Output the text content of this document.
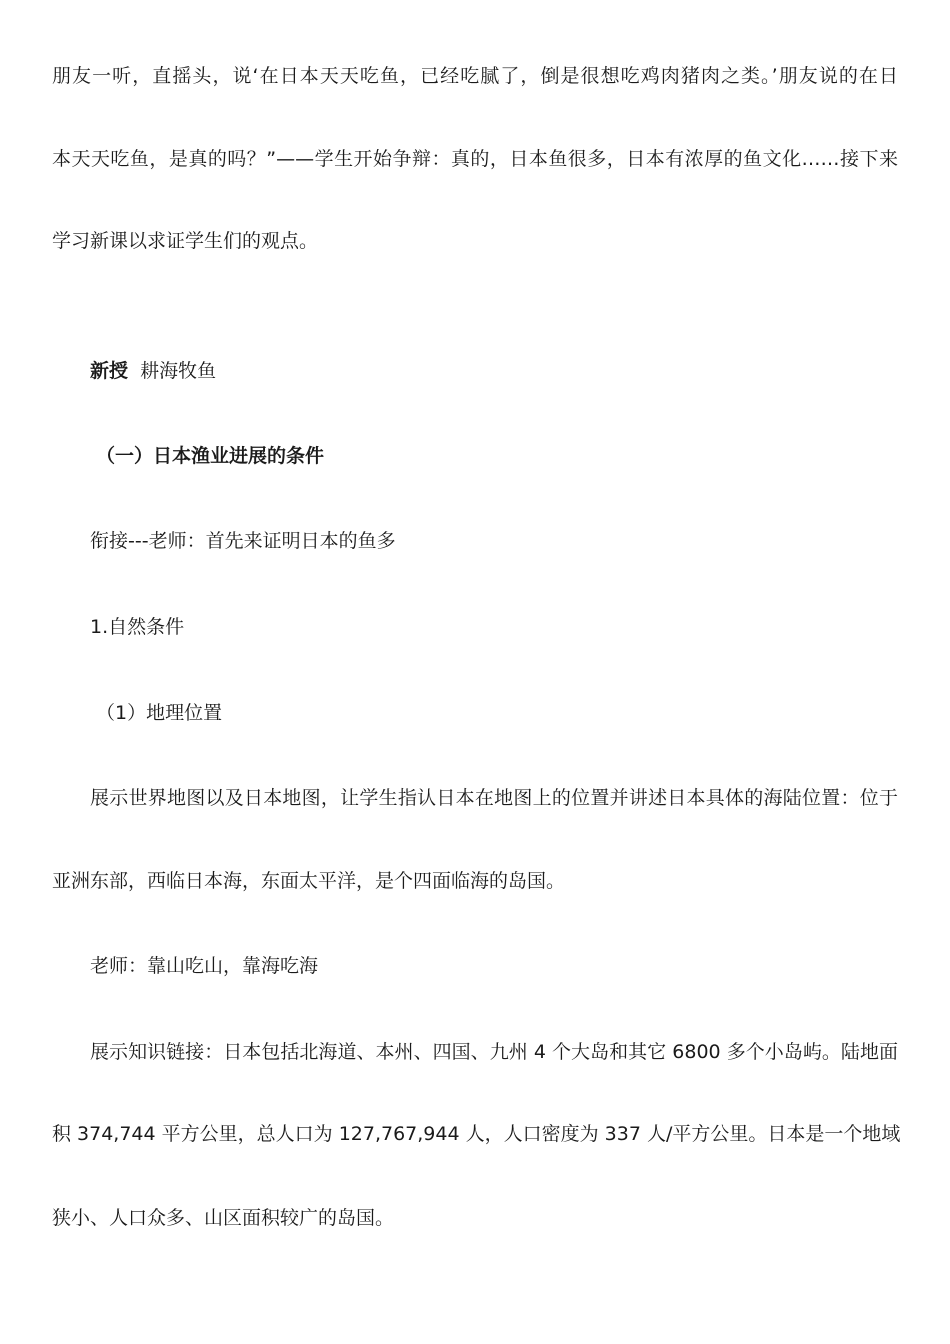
朋友一听，直摇头，说‘在日本天天吃鱼，已经吃腻了，倒是很想吃鸡肉猪肉之类。’朋友说的在日
本天天吃鱼，是真的吗？”——学生开始争辩：真的，日本鱼很多，日本有浓厚的鱼文化……接下来
学习新课以求证学生们的观点。
新授 耕海牧鱼
（一）日本渔业进展的条件
衔接---老师：首先来证明日本的鱼多
1.自然条件
（1）地理位置
展示世界地图以及日本地图，让学生指认日本在地图上的位置并讲述日本具体的海陆位置：位于
亚洲东部，西临日本海，东面太平洋，是个四面临海的岛国。
老师：靠山吃山，靠海吃海
展示知识链接：日本包括北海道、本州、四国、九州 4 个大岛和其它 6800 多个小岛屿。陆地面
积 374,744 平方公里，总人口为 127,767,944 人，人口密度为 337 人/平方公里。日本是一个地域
狭小、人口众多、山区面积较广的岛国。
